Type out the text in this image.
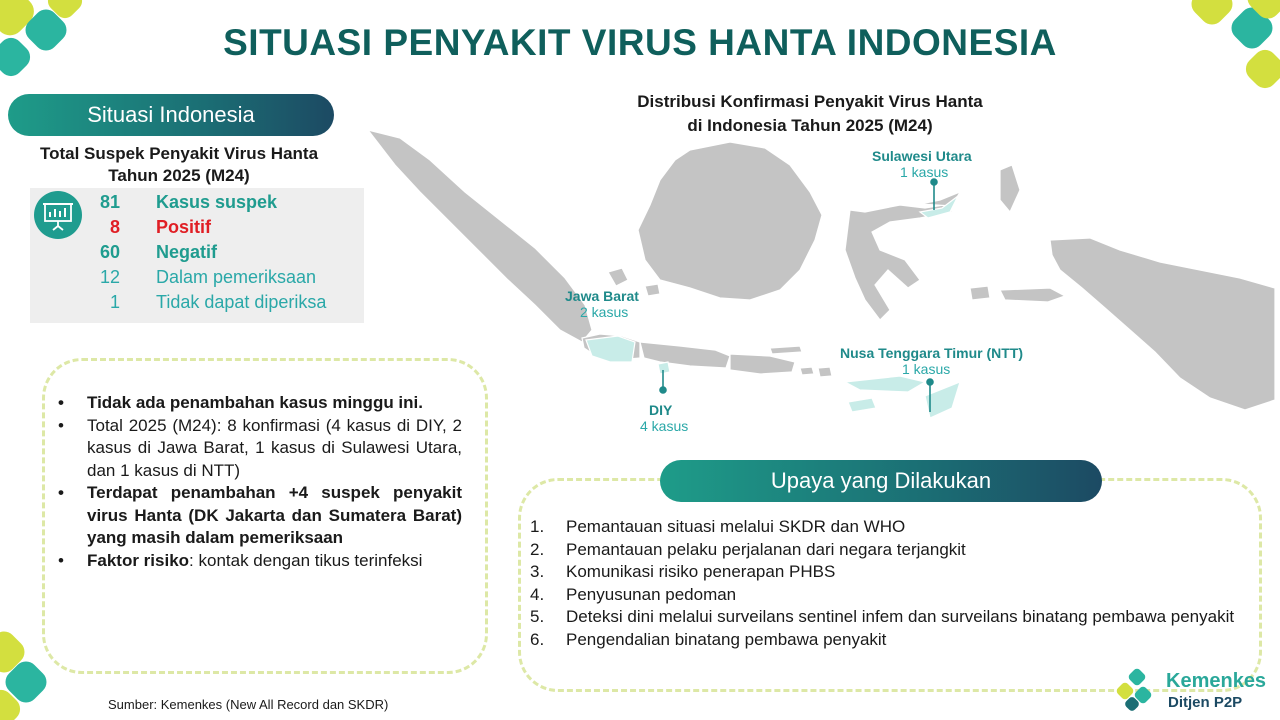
SITUASI PENYAKIT VIRUS HANTA INDONESIA
Situasi Indonesia
Total Suspek Penyakit Virus Hanta
Tahun 2025 (M24)
81 Kasus suspek
8 Positif
60 Negatif
12 Dalam pemeriksaan
1 Tidak dapat diperiksa
• Tidak ada penambahan kasus minggu ini.
• Total 2025 (M24): 8 konfirmasi (4 kasus di DIY, 2 kasus di Jawa Barat, 1 kasus di Sulawesi Utara, dan 1 kasus di NTT)
• Terdapat penambahan +4 suspek penyakit virus Hanta (DK Jakarta dan Sumatera Barat) yang masih dalam pemeriksaan
• Faktor risiko: kontak dengan tikus terinfeksi
Sumber: Kemenkes (New All Record dan SKDR)
Distribusi Konfirmasi Penyakit Virus Hanta
di Indonesia Tahun 2025 (M24)
Sulawesi Utara
1 kasus
Jawa Barat
2 kasus
Nusa Tenggara Timur (NTT)
1 kasus
DIY
4 kasus
Upaya yang Dilakukan
1. Pemantauan situasi melalui SKDR dan WHO
2. Pemantauan pelaku perjalanan dari negara terjangkit
3. Komunikasi risiko penerapan PHBS
4. Penyusunan pedoman
5. Deteksi dini melalui surveilans sentinel infem dan surveilans binatang pembawa penyakit
6. Pengendalian binatang pembawa penyakit
Kemenkes
Ditjen P2P
